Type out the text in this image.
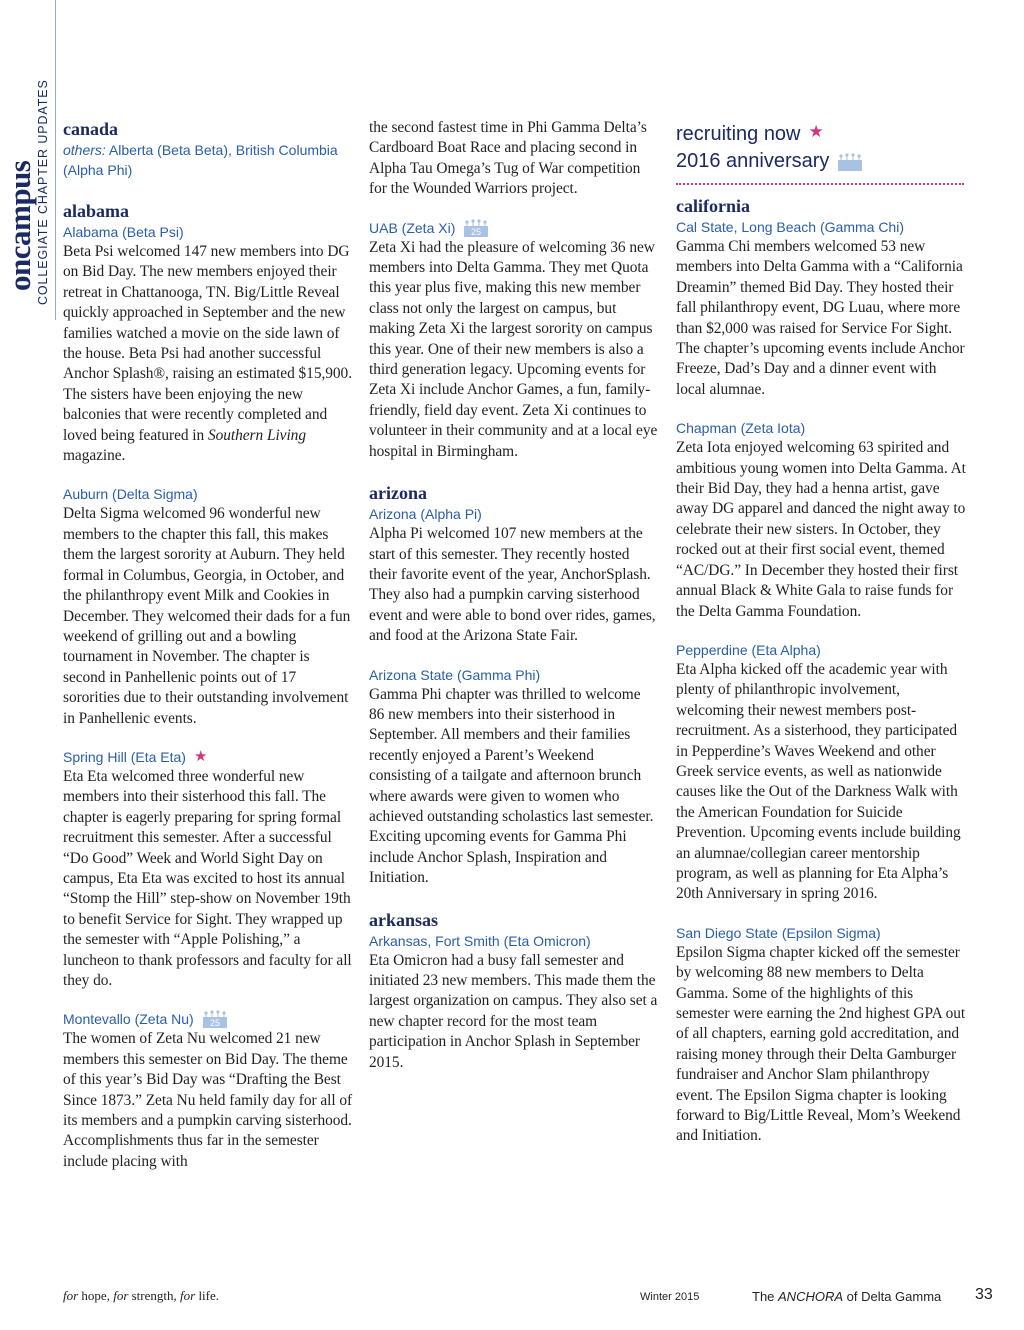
oncampus COLLEGIATE CHAPTER UPDATES canada

others: Alberta (Beta Beta), British Columbia (Alpha Phi)

alabama

Alabama (Beta Psi)

Beta Psi welcomed 147 new members into DG on Bid Day. The new members enjoyed their retreat in Chattanooga, TN. Big/Little Reveal quickly approached in September and the new families watched a movie on the side lawn of the house. Beta Psi had another successful Anchor Splash®, raising an estimated $15,900. The sisters have been enjoying the new balconies that were recently completed and loved being featured in Southern Living magazine.

Auburn (Delta Sigma)

Delta Sigma welcomed 96 wonderful new members to the chapter this fall, this makes them the largest sorority at Auburn. They held formal in Columbus, Georgia, in October, and the philanthropy event Milk and Cookies in December. They welcomed their dads for a fun weekend of grilling out and a bowling tournament in November. The chapter is second in Panhellenic points out of 17 sororities due to their outstanding involvement in Panhellenic events.

Spring Hill (Eta Eta) ★

Eta Eta welcomed three wonderful new members into their sisterhood this fall. The chapter is eagerly preparing for spring formal recruitment this semester. After a successful “Do Good” Week and World Sight Day on campus, Eta Eta was excited to host its annual “Stomp the Hill” step-show on November 19th to benefit Service for Sight. They wrapped up the semester with “Apple Polishing,” a luncheon to thank professors and faculty for all they do.

Montevallo (Zeta Nu) 25

The women of Zeta Nu welcomed 21 new members this semester on Bid Day. The theme of this year’s Bid Day was “Drafting the Best Since 1873.” Zeta Nu held family day for all of its members and a pumpkin carving sisterhood. Accomplishments thus far in the semester include placing with

the second fastest time in Phi Gamma Delta’s Cardboard Boat Race and placing second in Alpha Tau Omega’s Tug of War competition for the Wounded Warriors project.

UAB (Zeta Xi) 25

Zeta Xi had the pleasure of welcoming 36 new members into Delta Gamma. They met Quota this year plus five, making this new member class not only the largest on campus, but making Zeta Xi the largest sorority on campus this year. One of their new members is also a third generation legacy. Upcoming events for Zeta Xi include Anchor Games, a fun, family-friendly, field day event. Zeta Xi continues to volunteer in their community and at a local eye hospital in Birmingham.

arizona

Arizona (Alpha Pi)

Alpha Pi welcomed 107 new members at the start of this semester. They recently hosted their favorite event of the year, AnchorSplash. They also had a pumpkin carving sisterhood event and were able to bond over rides, games, and food at the Arizona State Fair.

Arizona State (Gamma Phi)

Gamma Phi chapter was thrilled to welcome 86 new members into their sisterhood in September. All members and their families recently enjoyed a Parent’s Weekend consisting of a tailgate and afternoon brunch where awards were given to women who achieved outstanding scholastics last semester. Exciting upcoming events for Gamma Phi include Anchor Splash, Inspiration and Initiation.

arkansas

Arkansas, Fort Smith (Eta Omicron)

Eta Omicron had a busy fall semester and initiated 23 new members. This made them the largest organization on campus. They also set a new chapter record for the most team participation in Anchor Splash in September 2015.

recruiting now ★

2016 anniversary

california

Cal State, Long Beach (Gamma Chi)

Gamma Chi members welcomed 53 new members into Delta Gamma with a “California Dreamin” themed Bid Day. They hosted their fall philanthropy event, DG Luau, where more than $2,000 was raised for Service For Sight. The chapter’s upcoming events include Anchor Freeze, Dad’s Day and a dinner event with local alumnae.

Chapman (Zeta Iota)

Zeta Iota enjoyed welcoming 63 spirited and ambitious young women into Delta Gamma. At their Bid Day, they had a henna artist, gave away DG apparel and danced the night away to celebrate their new sisters. In October, they rocked out at their first social event, themed “AC/DG.” In December they hosted their first annual Black & White Gala to raise funds for the Delta Gamma Foundation.

Pepperdine (Eta Alpha)

Eta Alpha kicked off the academic year with plenty of philanthropic involvement, welcoming their newest members post-recruitment. As a sisterhood, they participated in Pepperdine’s Waves Weekend and other Greek service events, as well as nationwide causes like the Out of the Darkness Walk with the American Foundation for Suicide Prevention. Upcoming events include building an alumnae/collegian career mentorship program, as well as planning for Eta Alpha’s 20th Anniversary in spring 2016.

San Diego State (Epsilon Sigma)

Epsilon Sigma chapter kicked off the semester by welcoming 88 new members to Delta Gamma. Some of the highlights of this semester were earning the 2nd highest GPA out of all chapters, earning gold accreditation, and raising money through their Delta Gamburger fundraiser and Anchor Slam philanthropy event. The Epsilon Sigma chapter is looking forward to Big/Little Reveal, Mom’s Weekend and Initiation.

for hope, for strength, for life.	Winter 2015	The ANCHORA of Delta Gamma 33
